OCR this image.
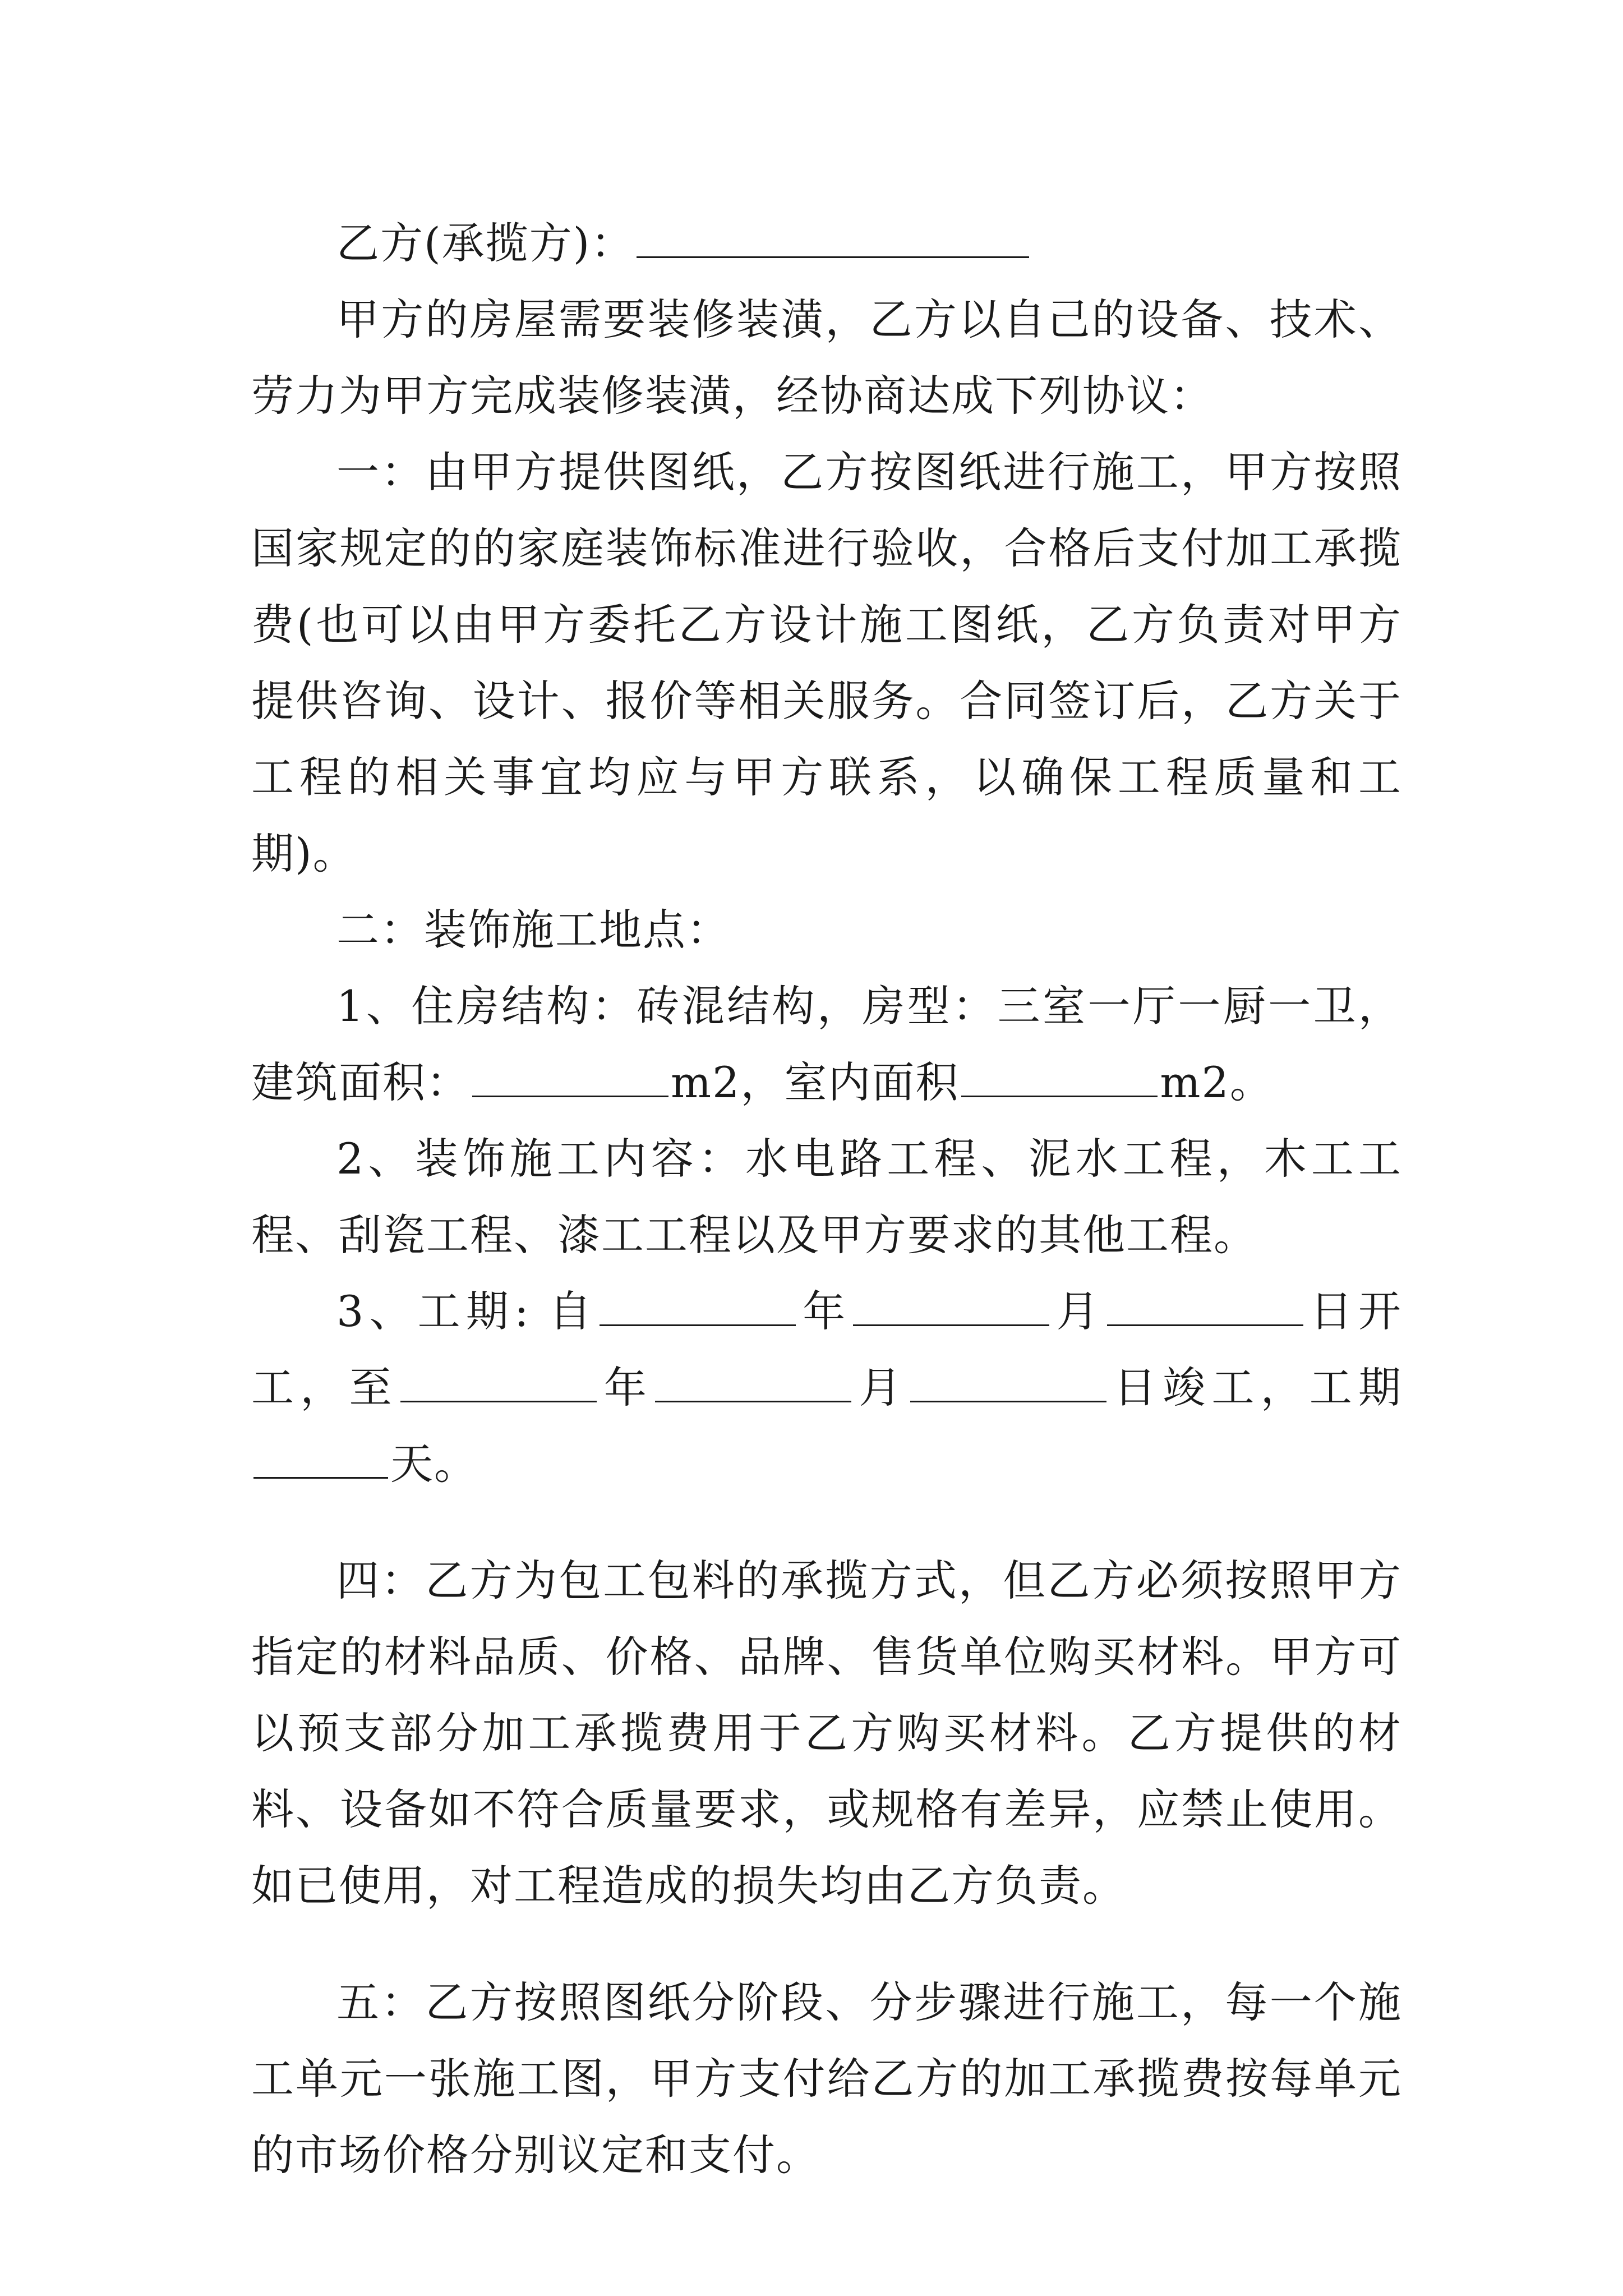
乙方(承揽方)：

甲方的房屋需要装修装潢，乙方以自己的设备、技术、劳力为甲方完成装修装潢，经协商达成下列协议：

一：由甲方提供图纸，乙方按图纸进行施工，甲方按照国家规定的的家庭装饰标准进行验收，合格后支付加工承揽费(也可以由甲方委托乙方设计施工图纸，乙方负责对甲方提供咨询、设计、报价等相关服务。合同签订后，乙方关于工程的相关事宜均应与甲方联系，以确保工程质量和工期)。

二：装饰施工地点：

1、住房结构：砖混结构，房型：三室一厅一厨一卫，建筑面积：	m2，室内面积	m2。

2、装饰施工内容：水电路工程、泥水工程，木工工程、刮瓷工程、漆工工程以及甲方要求的其他工程。

3、工期: 自	年	月	日开工，至	年	月	日竣工，工期天。

四：乙方为包工包料的承揽方式，但乙方必须按照甲方指定的材料品质、价格、品牌、售货单位购买材料。甲方可以预支部分加工承揽费用于乙方购买材料。乙方提供的材料、设备如不符合质量要求，或规格有差异，应禁止使用。如已使用，对工程造成的损失均由乙方负责。

五：乙方按照图纸分阶段、分步骤进行施工，每一个施工单元一张施工图，甲方支付给乙方的加工承揽费按每单元的市场价格分别议定和支付。
